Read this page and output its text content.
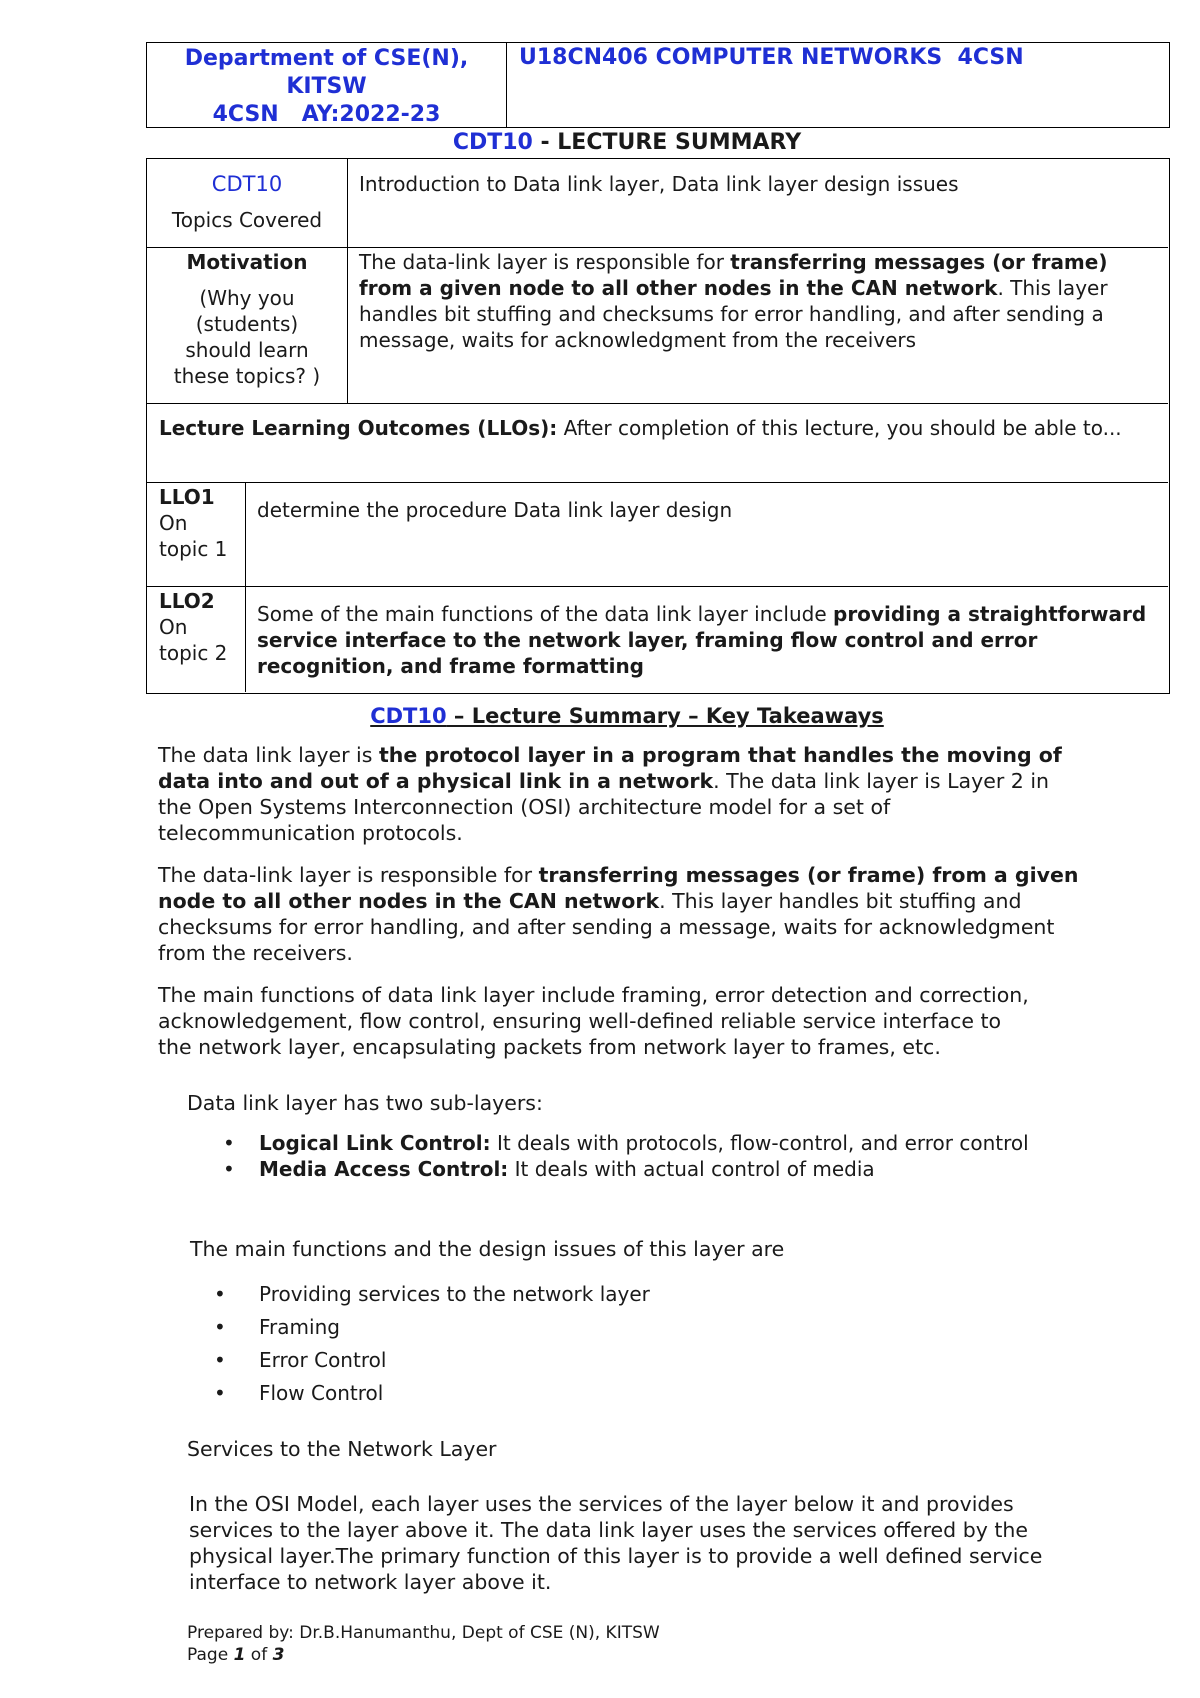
Department of CSE(N),
KITSW
4CSN   AY:2022-23
U18CN406 COMPUTER NETWORKS  4CSN
CDT10 - LECTURE SUMMARY
CDT10
Topics Covered
Introduction to Data link layer, Data link layer design issues
Motivation
(Why you (students) should learn these topics? )
The data-link layer is responsible for transferring messages (or frame) from a given node to all other nodes in the CAN network. This layer handles bit stuffing and checksums for error handling, and after sending a message, waits for acknowledgment from the receivers
Lecture Learning Outcomes (LLOs): After completion of this lecture, you should be able to...
LLO1
On topic 1
determine the procedure Data link layer design
LLO2
On topic 2
Some of the main functions of the data link layer include providing a straightforward service interface to the network layer, framing flow control and error recognition, and frame formatting
CDT10 – Lecture Summary – Key Takeaways
The data link layer is the protocol layer in a program that handles the moving of data into and out of a physical link in a network. The data link layer is Layer 2 in the Open Systems Interconnection (OSI) architecture model for a set of telecommunication protocols.
The data-link layer is responsible for transferring messages (or frame) from a given node to all other nodes in the CAN network. This layer handles bit stuffing and checksums for error handling, and after sending a message, waits for acknowledgment from the receivers.
The main functions of data link layer include framing, error detection and correction, acknowledgement, flow control, ensuring well-defined reliable service interface to the network layer, encapsulating packets from network layer to frames, etc.
Data link layer has two sub-layers:
• Logical Link Control: It deals with protocols, flow-control, and error control
• Media Access Control: It deals with actual control of media
The main functions and the design issues of this layer are
• Providing services to the network layer
• Framing
• Error Control
• Flow Control
Services to the Network Layer
In the OSI Model, each layer uses the services of the layer below it and provides services to the layer above it. The data link layer uses the services offered by the physical layer.The primary function of this layer is to provide a well defined service interface to network layer above it.
Prepared by: Dr.B.Hanumanthu, Dept of CSE (N), KITSW
Page 1 of 3
